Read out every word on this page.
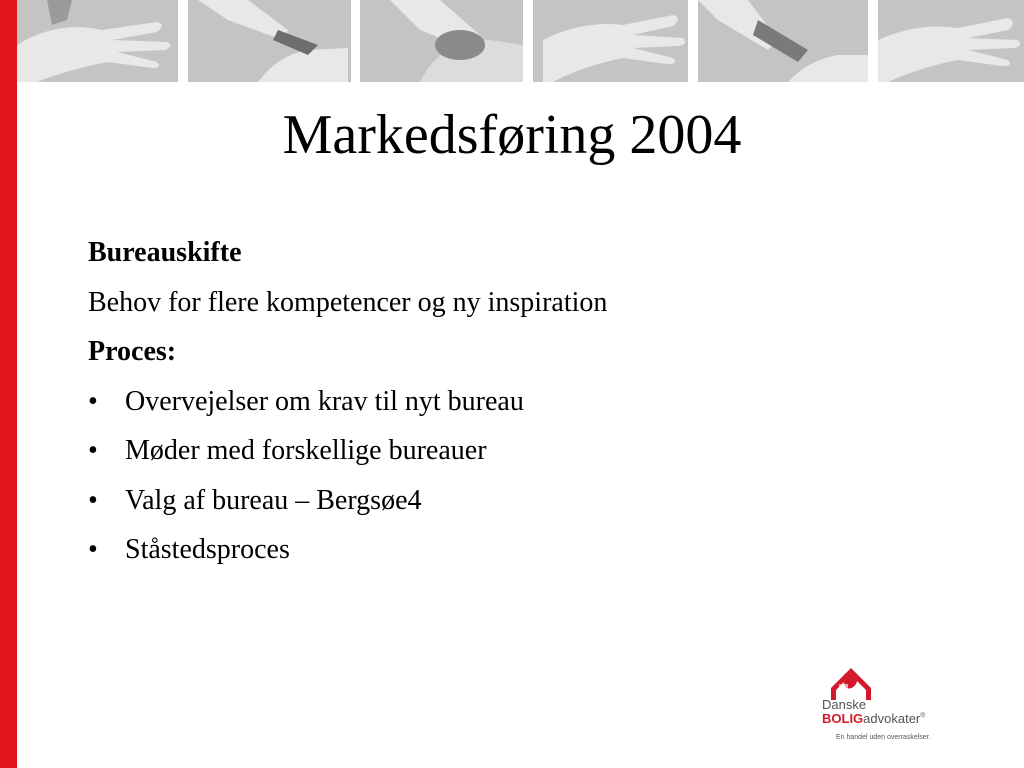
Markedsføring 2004
Bureauskifte
Behov for flere kompetencer og ny inspiration
Proces:
• Overvejelser om krav til nyt bureau
• Møder med forskellige bureauer
• Valg af bureau – Bergsøe4
• Ståstedsproces
Danske
BOLIGadvokater®
En handel uden overraskelser.
